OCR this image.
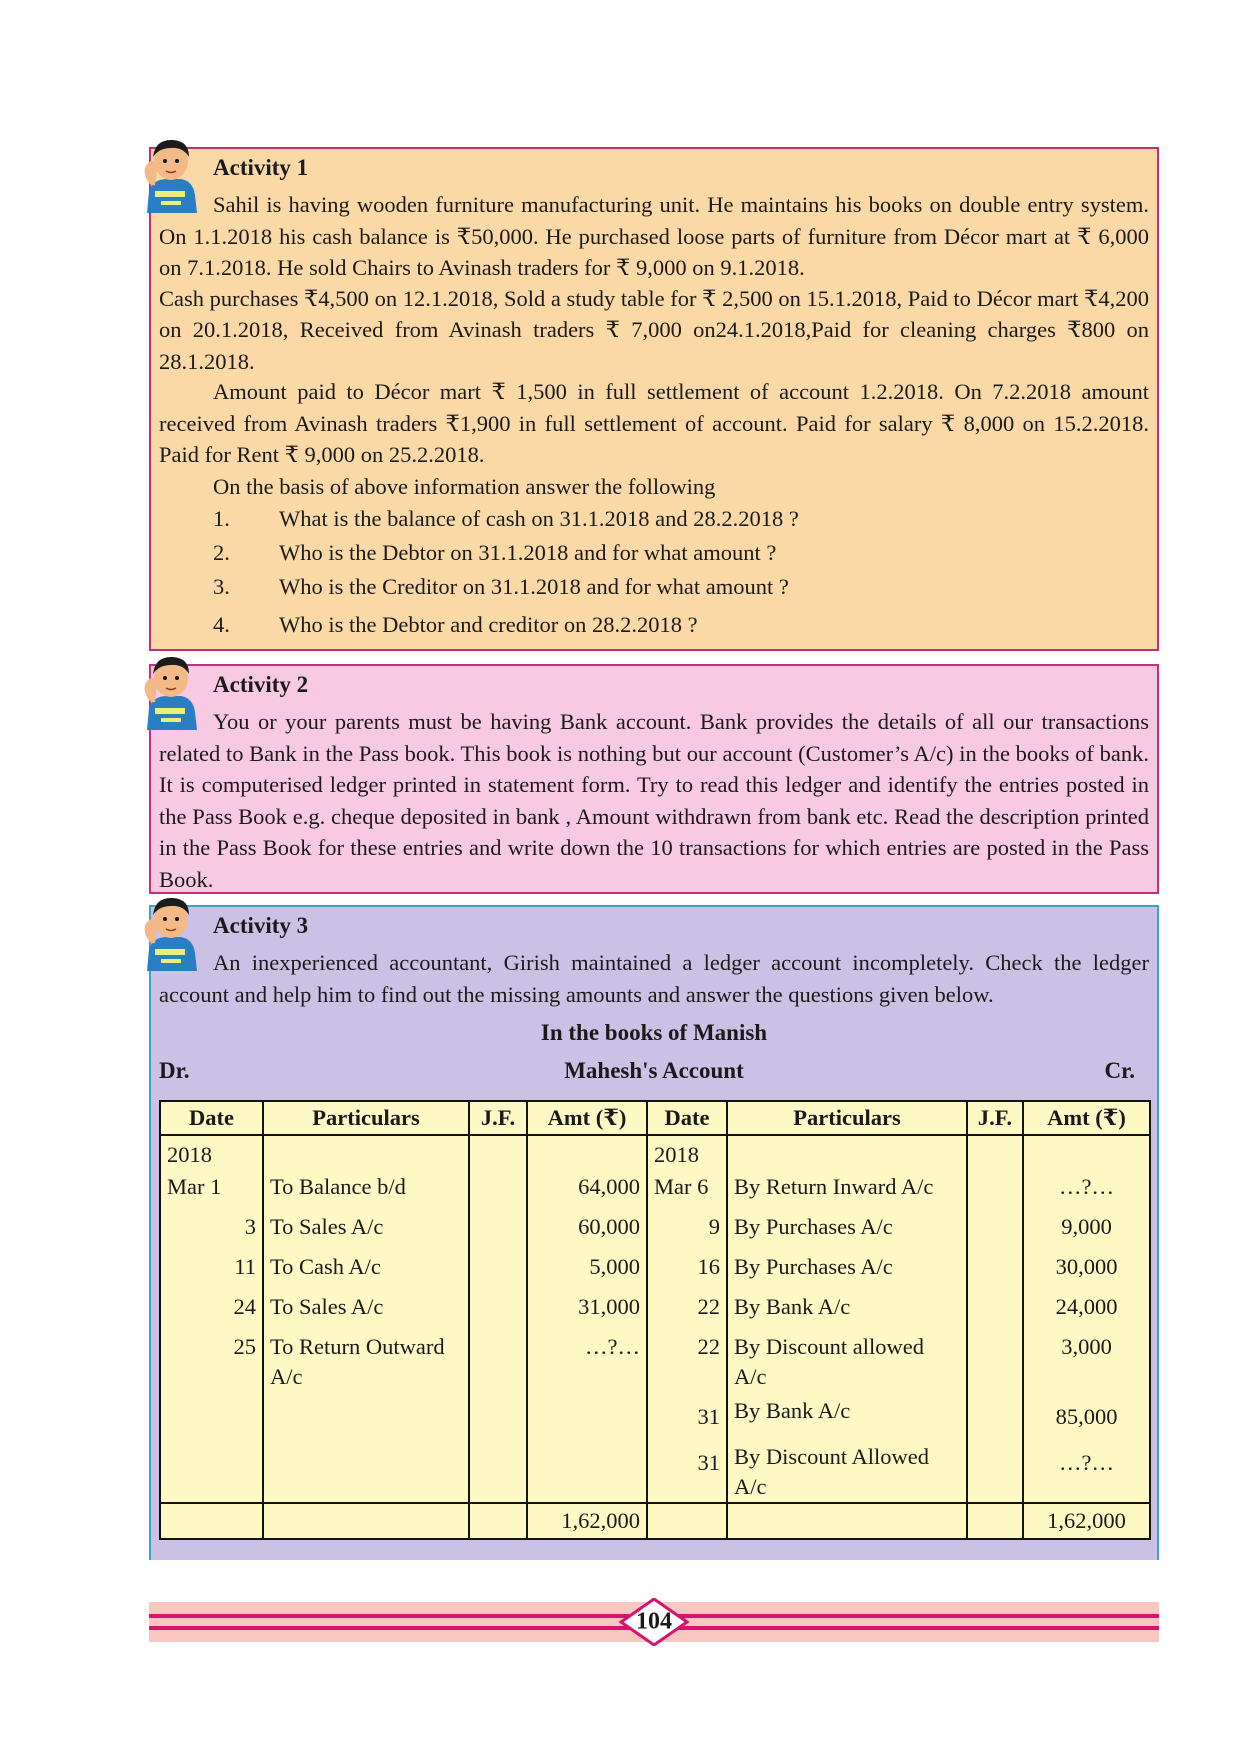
Activity 1

Sahil is having wooden furniture manufacturing unit. He maintains his books on double entry system. On 1.1.2018 his cash balance is ₹50,000. He purchased loose parts of furniture from Décor mart at ₹ 6,000 on 7.1.2018. He sold Chairs to Avinash traders for ₹ 9,000 on 9.1.2018.

Cash purchases ₹4,500 on 12.1.2018, Sold a study table for ₹ 2,500 on 15.1.2018, Paid to Décor mart ₹4,200 on 20.1.2018, Received from Avinash traders ₹ 7,000 on24.1.2018,Paid for cleaning charges ₹800 on 28.1.2018.

Amount paid to Décor mart ₹ 1,500 in full settlement of account 1.2.2018. On 7.2.2018 amount received from Avinash traders ₹1,900 in full settlement of account. Paid for salary ₹ 8,000 on 15.2.2018. Paid for Rent ₹ 9,000 on 25.2.2018.

On the basis of above information answer the following

1. What is the balance of cash on 31.1.2018 and 28.2.2018 ?
2. Who is the Debtor on 31.1.2018 and for what amount ?
3. Who is the Creditor on 31.1.2018 and for what amount ?
4. Who is the Debtor and creditor on 28.2.2018 ?
Activity 2

You or your parents must be having Bank account. Bank provides the details of all our transactions related to Bank in the Pass book. This book is nothing but our account (Customer’s A/c) in the books of bank. It is computerised ledger printed in statement form. Try to read this ledger and identify the entries posted in the Pass Book e.g. cheque deposited in bank , Amount withdrawn from bank etc. Read the description printed in the Pass Book for these entries and write down the 10 transactions for which entries are posted in the Pass Book.

Activity 3

An inexperienced accountant, Girish maintained a ledger account incompletely. Check the ledger account and help him to find out the missing amounts and answer the questions given below.

In the books of Manish
Dr.	Mahesh's Account	Cr.
Date	Particulars	J.F.	Amt (₹)	Date	Particulars	J.F.	Amt (₹)
2018				2018			
Mar 1	To Balance b/d		64,000	Mar 6	By Return Inward A/c		…?…
3	To Sales A/c		60,000	9	By Purchases A/c		9,000
11	To Cash A/c		5,000	16	By Purchases A/c		30,000
24	To Sales A/c		31,000	22	By Bank A/c		24,000
25	To Return Outward A/c		…?…	22	By Discount allowed A/c		3,000
				31	By Bank A/c		85,000
				31	By Discount Allowed A/c		…?…
			1,62,000				1,62,000
104
